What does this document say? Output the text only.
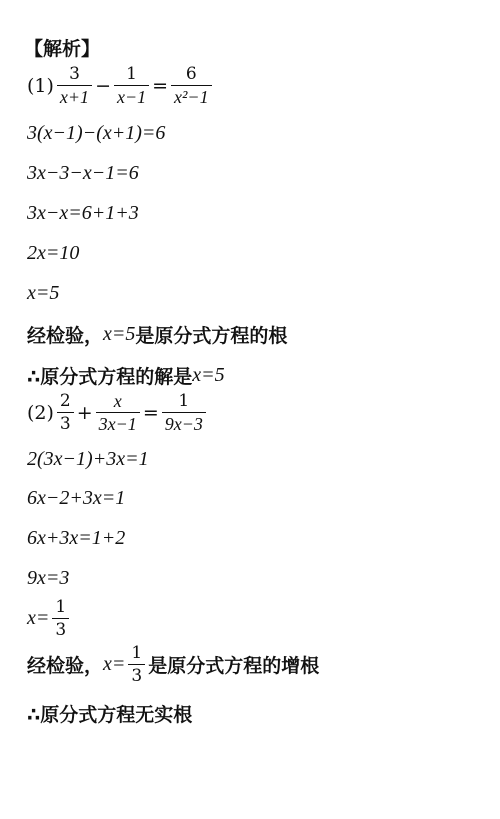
【解析】
$(1) \frac{3}{x+1} - \frac{1}{x-1} = \frac{6}{\text{x²−1}}$
3(x−1)−(x+1)=6
3x−3−x−1=6
3x−x=6+1+3
2x=10
x=5
经检验， x=5 是原分式方程的根
∴原分式方程的解是 x=5
$(2) \frac{2}{3} + \frac{x}{3x-1} = \frac{1}{9x-3}$
2(3x−1)+3x=1
6x−2+3x=1
6x+3x=1+2
9x=3
$x= \frac{1}{3}$
经检验， $x= \frac{1}{3}$ 是原分式方程的增根
∴原分式方程无实根
